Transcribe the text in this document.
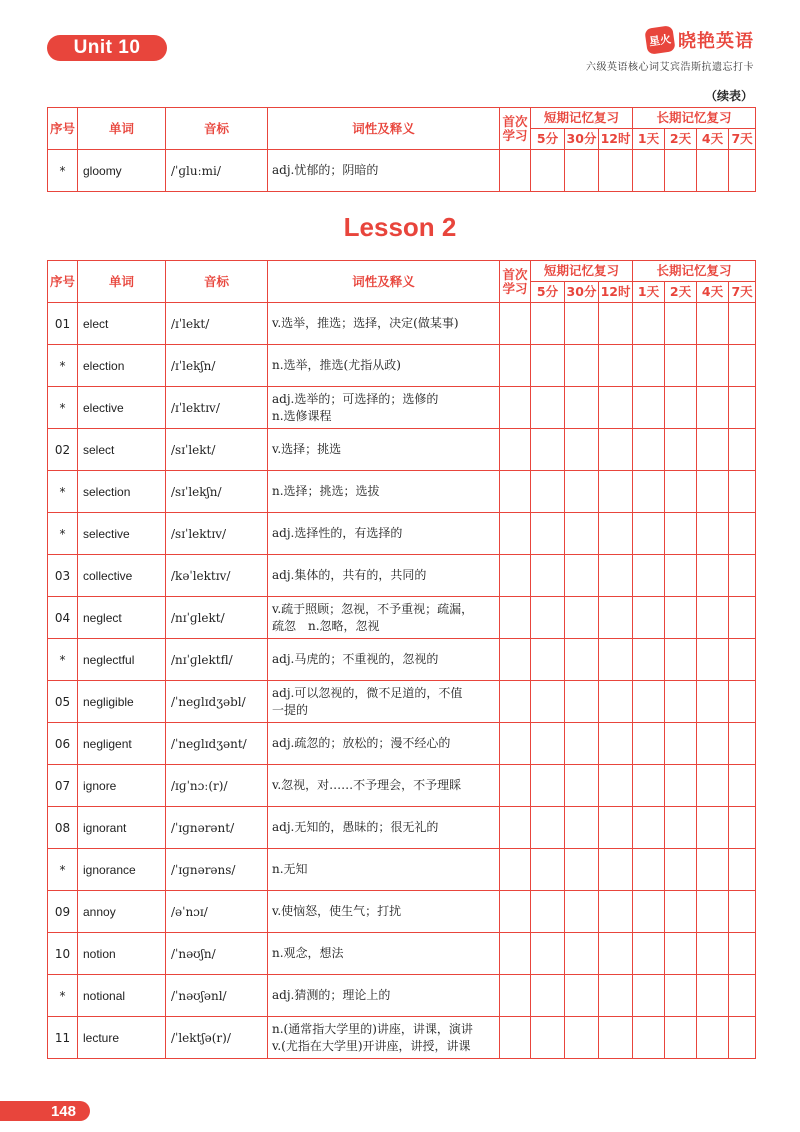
Unit 10	星火 晓艳英语
六级英语核心词艾宾浩斯抗遗忘打卡
（续表）
序号	单词	音标	词性及释义	首次学习	短期记忆复习			长期记忆复习			
					5分	30分	12时	1天	2天	4天	7天
*	gloomy	/ˈɡluːmi/	adj.忧郁的；阴暗的								

Lesson 2
序号	单词	音标	词性及释义	首次学习	短期记忆复习			长期记忆复习			
					5分	30分	12时	1天	2天	4天	7天
01	elect	/ɪˈlekt/	v.选举，推选；选择，决定(做某事)								

*	election	/ɪˈlekʃn/	n.选举，推选(尤指从政)								

*	elective	/ɪˈlektɪv/	adj.选举的；可选择的；选修的
n.选修课程								

02	select	/sɪˈlekt/	v.选择；挑选								

*	selection	/sɪˈlekʃn/	n.选择；挑选；选拔								

*	selective	/sɪˈlektɪv/	adj.选择性的，有选择的								

03	collective	/kəˈlektɪv/	adj.集体的，共有的，共同的								

04	neglect	/nɪˈɡlekt/	v.疏于照顾；忽视，不予重视；疏漏，
疏忽　n.忽略，忽视								

*	neglectful	/nɪˈɡlektfl/	adj.马虎的；不重视的，忽视的								

05	negligible	/ˈneɡlɪdʒəbl/	adj.可以忽视的，微不足道的，不值
一提的								

06	negligent	/ˈneɡlɪdʒənt/	adj.疏忽的；放松的；漫不经心的								

07	ignore	/ɪɡˈnɔː(r)/	v.忽视，对……不予理会，不予理睬								

08	ignorant	/ˈɪɡnərənt/	adj.无知的，愚昧的；很无礼的								

*	ignorance	/ˈɪɡnərəns/	n.无知								

09	annoy	/əˈnɔɪ/	v.使恼怒，使生气；打扰								

10	notion	/ˈnəʊʃn/	n.观念，想法								

*	notional	/ˈnəʊʃənl/	adj.猜测的；理论上的								

11	lecture	/ˈlektʃə(r)/	n.(通常指大学里的)讲座，讲课，演讲
v.(尤指在大学里)开讲座，讲授，讲课								

148
